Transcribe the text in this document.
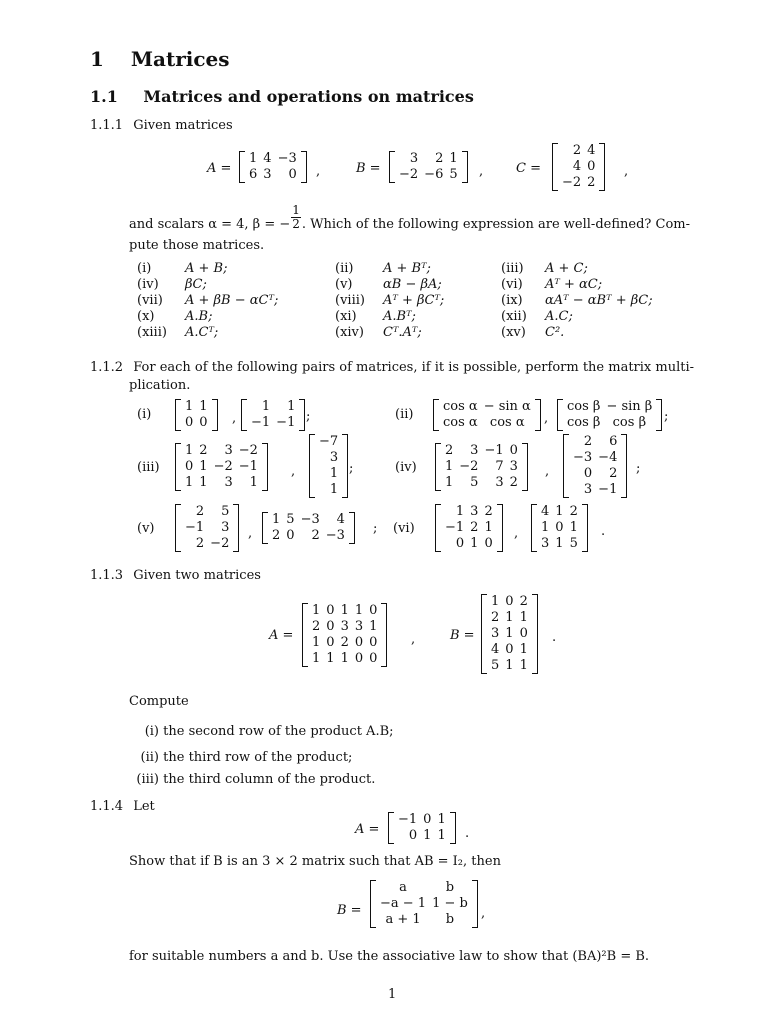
1 Matrices
1.1 Matrices and operations on matrices
1.1.1 Given matrices
A =
1	4	−3
6	3	0 ,	B =
3	2	1
−2	−6	5 ,	C =
2	4
4	0
−2	2
,
and scalars α = 4, β = − $\frac{1}{2}$ . Which of the following expression are well-defined? Com-
pute those matrices.
(i)	A + B;	(ii)	A + Bᵀ;	(iii)	A + C;
(iv)	βC;	(v)	αB − βA;	(vi)	Aᵀ + αC;
(vii)	A + βB − αCᵀ;	(viii)	Aᵀ + βCᵀ;	(ix)	αAᵀ − αBᵀ + βC;
(x)	A.B;	(xi)	A.Bᵀ;	(xii)	A.C;
(xiii)	A.Cᵀ;	(xiv)	Cᵀ.Aᵀ;	(xv)	C².
1.1.2 For each of the following pairs of matrices, if it is possible, perform the matrix multi-
plication.
(i)
1	1
0	0 ,
1	1
−1	−1 ;	(ii)
cos α	− sin α
cos α	cos α ,
cos β	− sin β
cos β	cos β ;
(iii)
1	2	3	−2
0	1	−2	−1
1	1	3	1
,
−7
3
1
1
;	(iv)
2	3	−1	0
1	−2	7	3
1	5	3	2
,
2	6
−3	−4
0	2
3	−1
;
(v)
2	5
−1	3
2	−2
,
1	5	−3	4
2	0	2	−3 ; (vi)
1	3	2
−1	2	1
0	1	0
,
4	1	2
1	0	1
3	1	5
.
1.1.3 Given two matrices
A =
1	0	1	1	0
2	0	3	3	1
1	0	2	0	0
1	1	1	0	0
,	B =
1	0	2
2	1	1
3	1	0
4	0	1
5	1	1
.
Compute
(i) the second row of the product A.B;
(ii) the third row of the product;
(iii) the third column of the product.
1.1.4 Let
A =
−1	0	1
0	1	1 .
Show that if B is an 3 × 2 matrix such that AB = I₂, then
B =
a	b
−a − 1	1 − b
a + 1	b ,
for suitable numbers a and b. Use the associative law to show that (BA)²B = B.
1
